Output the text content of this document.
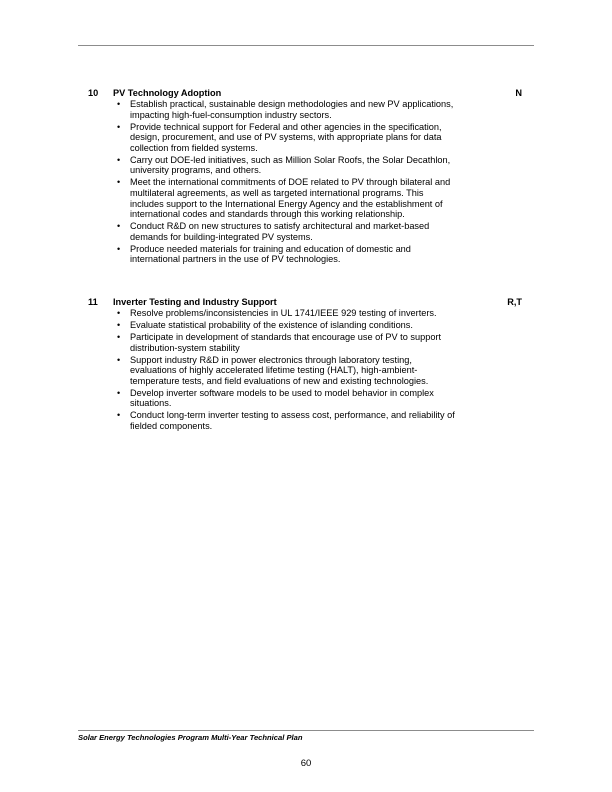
10 PV Technology Adoption	N
• Establish practical, sustainable design methodologies and new PV applications,
impacting high-fuel-consumption industry sectors.
• Provide technical support for Federal and other agencies in the specification,
design, procurement, and use of PV systems, with appropriate plans for data
collection from fielded systems.
• Carry out DOE-led initiatives, such as Million Solar Roofs, the Solar Decathlon,
university programs, and others.
• Meet the international commitments of DOE related to PV through bilateral and
multilateral agreements, as well as targeted international programs. This
includes support to the International Energy Agency and the establishment of
international codes and standards through this working relationship.
• Conduct R&D on new structures to satisfy architectural and market-based
demands for building-integrated PV systems.
• Produce needed materials for training and education of domestic and
international partners in the use of PV technologies.
11 Inverter Testing and Industry Support	R,T
• Resolve problems/inconsistencies in UL 1741/IEEE 929 testing of inverters.
• Evaluate statistical probability of the existence of islanding conditions.
• Participate in development of standards that encourage use of PV to support
distribution-system stability
• Support industry R&D in power electronics through laboratory testing,
evaluations of highly accelerated lifetime testing (HALT), high-ambient-
temperature tests, and field evaluations of new and existing technologies.
• Develop inverter software models to be used to model behavior in complex
situations.
• Conduct long-term inverter testing to assess cost, performance, and reliability of
fielded components.
Solar Energy Technologies Program Multi-Year Technical Plan
60
